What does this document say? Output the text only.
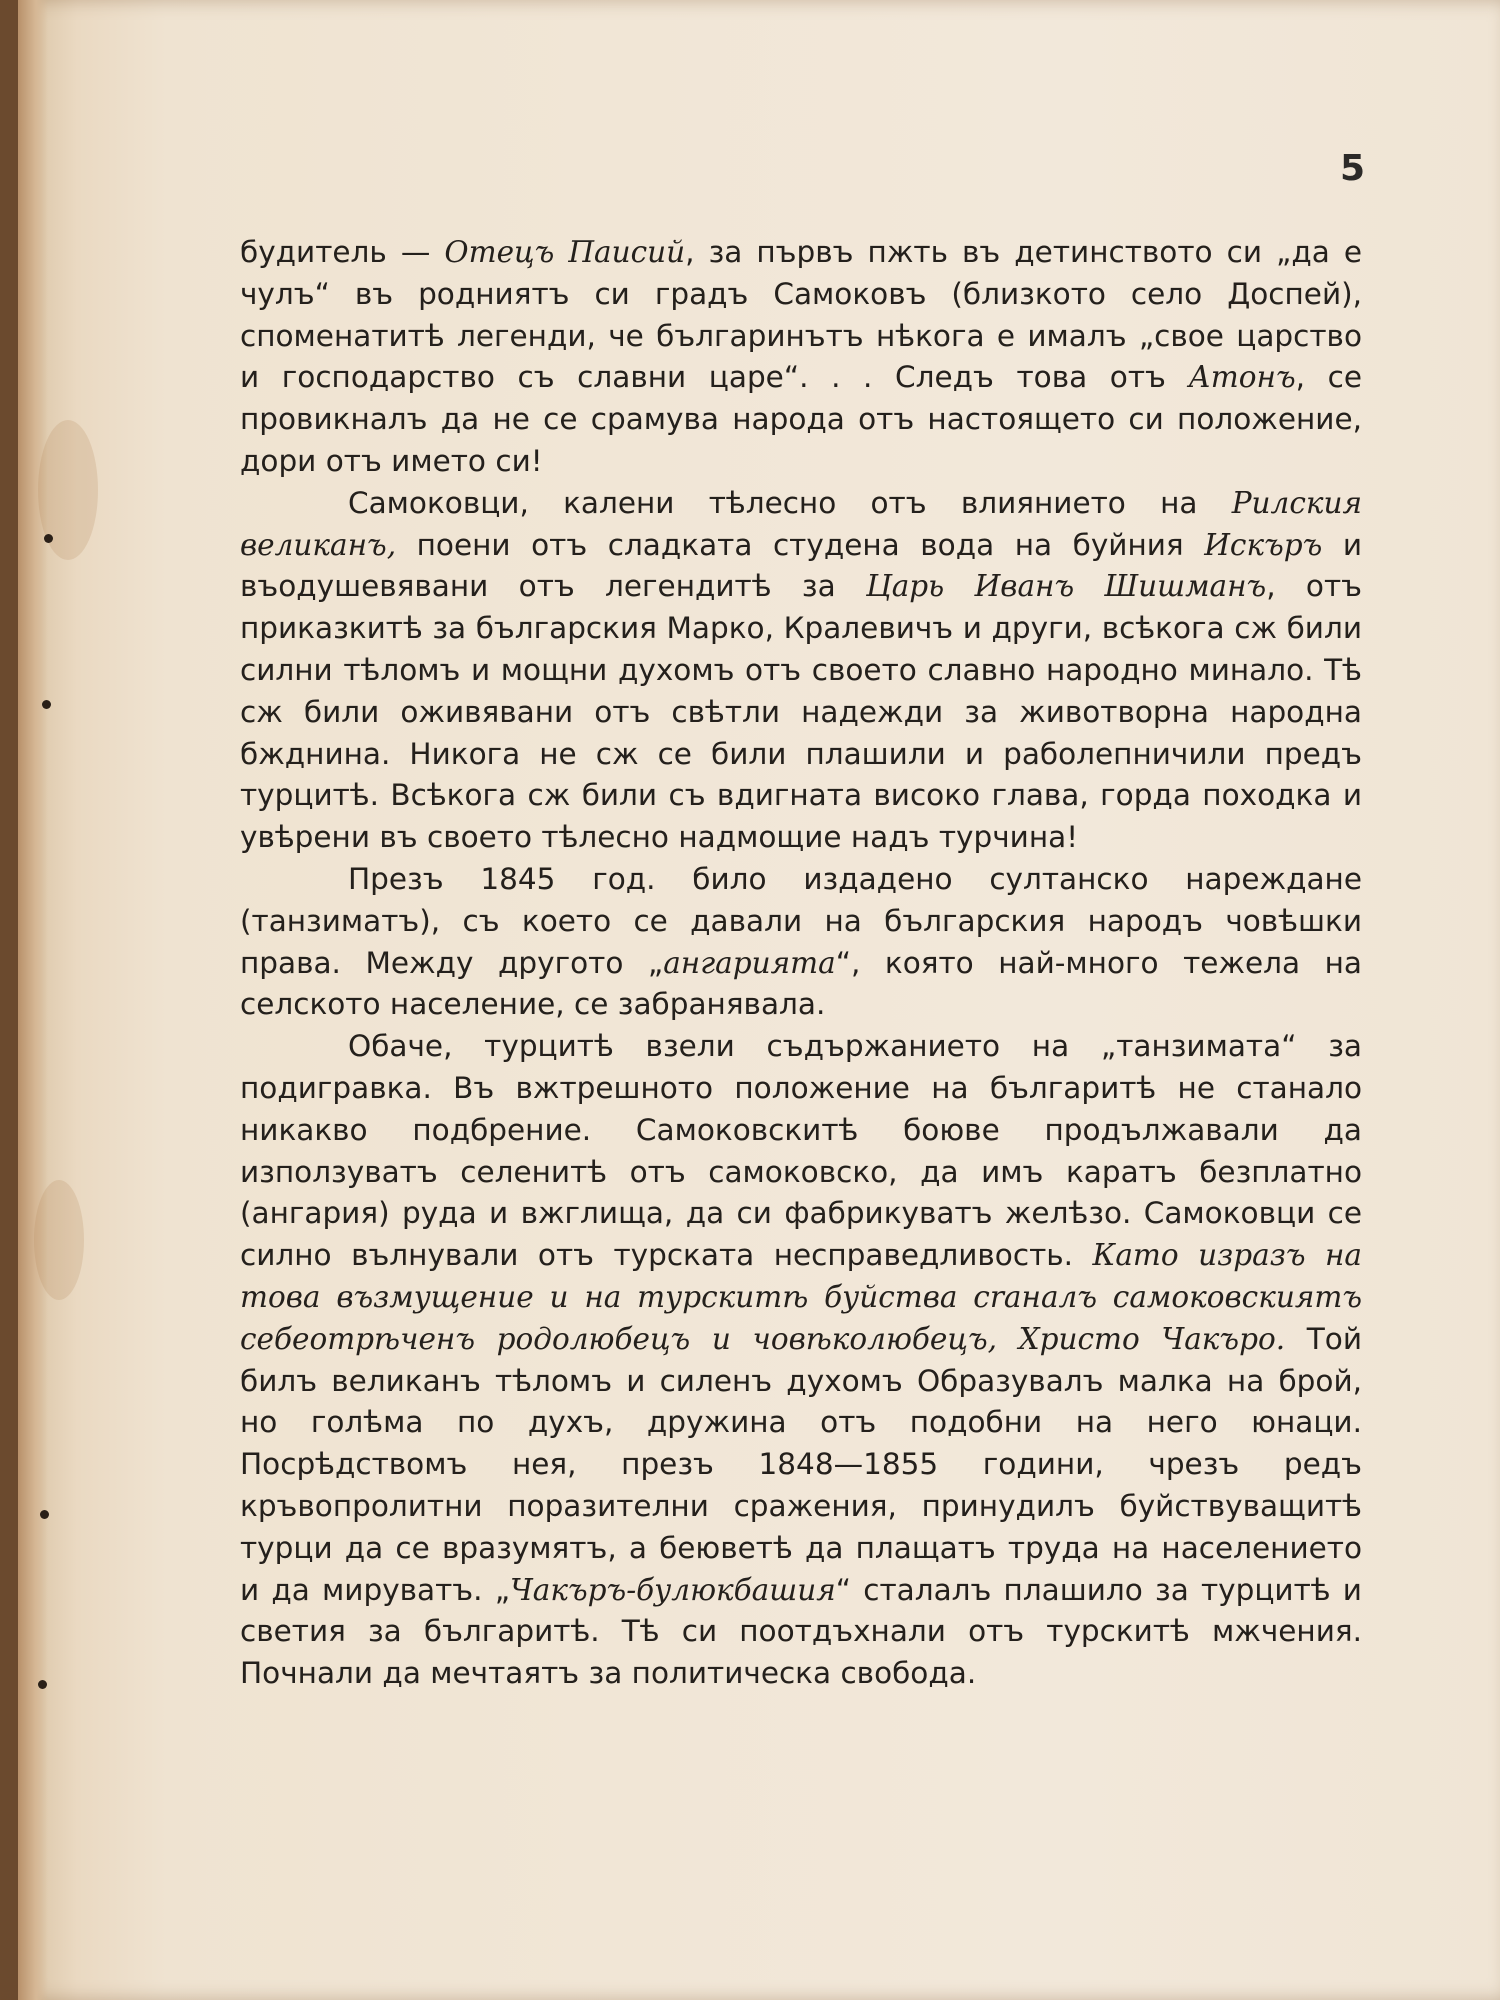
5

будитель — Отецъ Паисий, за първъ пжть въ детинството си „да е чулъ“ въ родниятъ си градъ Самоковъ (близкото село Доспей), споменатитѣ легенди, че българинътъ нѣкога е ималъ „свое царство и господарство съ славни царе“. . . Следъ това отъ Атонъ, се провикналъ да не се срамува народа отъ настоящето си положение, дори отъ името си!

Самоковци, калени тѣлесно отъ влиянието на Рилския великанъ, поени отъ сладката студена вода на буйния Искъръ и въодушевявани отъ легендитѣ за Царь Иванъ Шишманъ, отъ приказкитѣ за българския Марко, Кралевичъ и други, всѣкога сж били силни тѣломъ и мощни духомъ отъ своето славно народно минало. Тѣ сж били оживявани отъ свѣтли надежди за животворна народна бжднина. Никога не сж се били плашили и раболепничили предъ турцитѣ. Всѣкога сж били съ вдигната високо глава, горда походка и увѣрени въ своето тѣлесно надмощие надъ турчина!

Презъ 1845 год. било издадено султанско нареждане (танзиматъ), съ което се давали на българския народъ човѣшки права. Между другото „ангарията“, която най-много тежела на селското население, се забранявала.

Обаче, турцитѣ взели съдържанието на „танзимата“ за подигравка. Въ вжтрешното положение на българитѣ не станало никакво подбрение. Самоковскитѣ боюве продължавали да използуватъ селенитѣ отъ самоковско, да имъ каратъ безплатно (ангария) руда и вжглища, да си фабрикуватъ желѣзо. Самоковци се силно вълнували отъ турската несправедливость. Като изразъ на това възмущение и на турскитѣ буйства craнaлъ самоковскиятъ себеотрѣченъ родолюбецъ и човѣколюбецъ, Христо Чакъро. Той билъ великанъ тѣломъ и силенъ духомъ Образувалъ малка на брой, но голѣма по духъ, дружина отъ подобни на него юнаци. Посрѣдствомъ нея, презъ 1848—1855 години, чрезъ редъ кръвопролитни поразителни сражения, принудилъ буйствуващитѣ турци да се вразумятъ, а беюветѣ да плащатъ труда на населението и да мируватъ. „Чакъръ-булюкбашия“ сталалъ плашило за турцитѣ и светия за българитѣ. Тѣ си поотдъхнали отъ турскитѣ мжчения. Почнали да мечтаятъ за политическа свобода.
